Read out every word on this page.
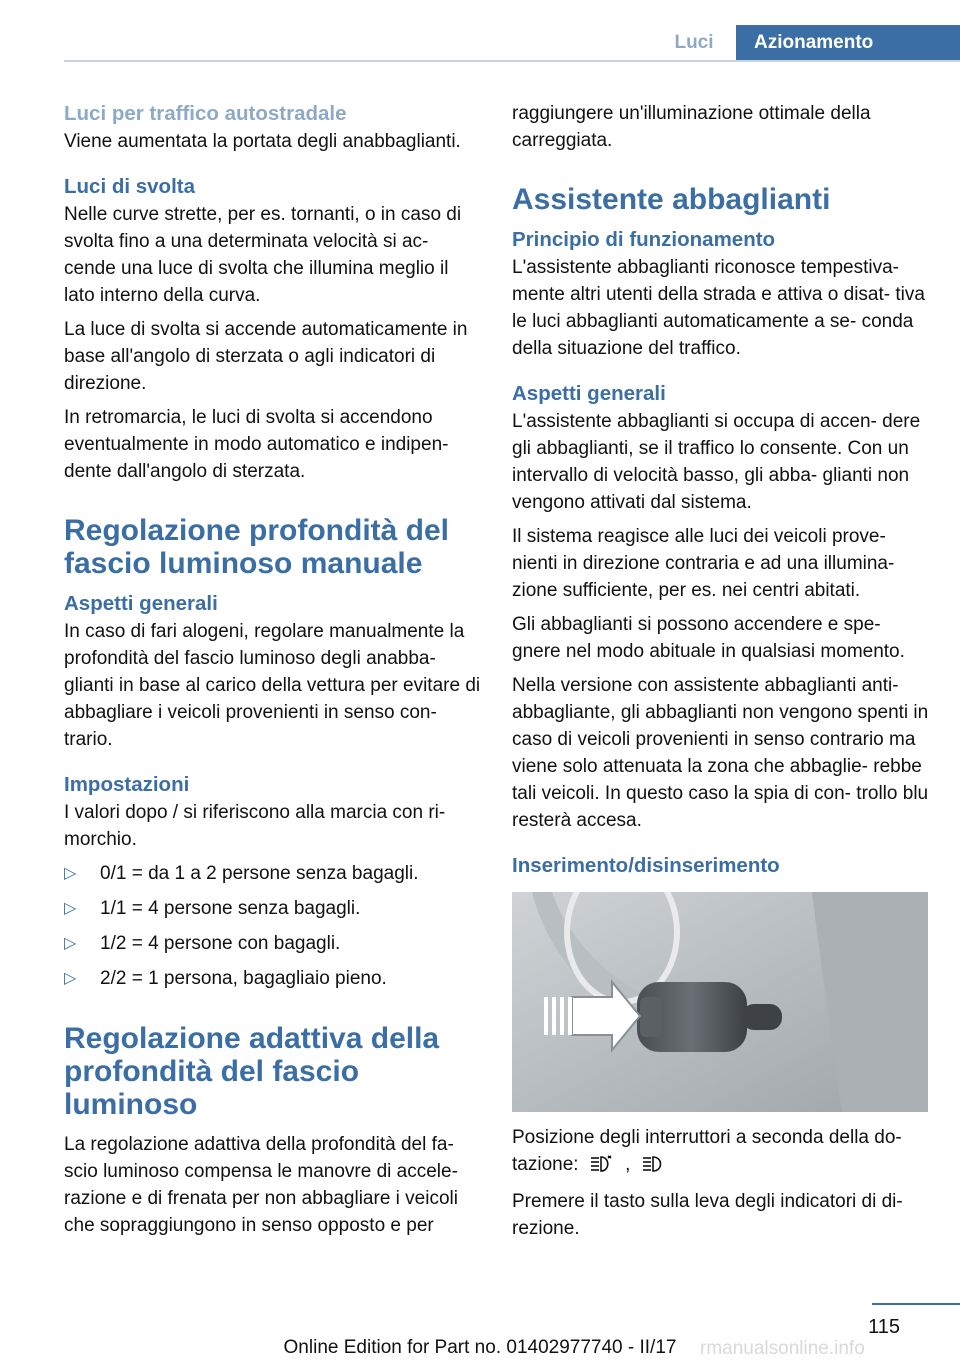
Luci	Azionamento
Luci per traffico autostradale

Viene aumentata la portata degli anabbaglianti.

Luci di svolta

Nelle curve strette, per es. tornanti, o in caso di svolta fino a una determinata velocità si ac‐ cende una luce di svolta che illumina meglio il lato interno della curva.

La luce di svolta si accende automaticamente in base all'angolo di sterzata o agli indicatori di direzione.

In retromarcia, le luci di svolta si accendono eventualmente in modo automatico e indipen‐ dente dall'angolo di sterzata.

Regolazione profondità del fascio luminoso manuale
Aspetti generali

In caso di fari alogeni, regolare manualmente la profondità del fascio luminoso degli anabba‐ glianti in base al carico della vettura per evitare di abbagliare i veicoli provenienti in senso con‐ trario.

Impostazioni

I valori dopo / si riferiscono alla marcia con ri‐ morchio.

▷ 0/1 = da 1 a 2 persone senza bagagli.
▷ 1/1 = 4 persone senza bagagli.
▷ 1/2 = 4 persone con bagagli.
▷ 2/2 = 1 persona, bagagliaio pieno.
Regolazione adattiva della profondità del fascio luminoso

La regolazione adattiva della profondità del fa‐ scio luminoso compensa le manovre di accele‐ razione e di frenata per non abbagliare i veicoli che sopraggiungono in senso opposto e per

raggiungere un'illuminazione ottimale della carreggiata.

Assistente abbaglianti
Principio di funzionamento

L'assistente abbaglianti riconosce tempestiva‐ mente altri utenti della strada e attiva o disat‐ tiva le luci abbaglianti automaticamente a se‐ conda della situazione del traffico.

Aspetti generali

L'assistente abbaglianti si occupa di accen‐ dere gli abbaglianti, se il traffico lo consente. Con un intervallo di velocità basso, gli abba‐ glianti non vengono attivati dal sistema.

Il sistema reagisce alle luci dei veicoli prove‐ nienti in direzione contraria e ad una illumina‐ zione sufficiente, per es. nei centri abitati.

Gli abbaglianti si possono accendere e spe‐ gnere nel modo abituale in qualsiasi momento.

Nella versione con assistente abbaglianti anti‐ abbagliante, gli abbaglianti non vengono spenti in caso di veicoli provenienti in senso contrario ma viene solo attenuata la zona che abbaglie‐ rebbe tali veicoli. In questo caso la spia di con‐ trollo blu resterà accesa.

Inserimento/disinserimento

Posizione degli interruttori a seconda della do‐ tazione: ,

Premere il tasto sulla leva degli indicatori di di‐ rezione.

115
Online Edition for Part no. 01402977740 - II/17	rmanualsonline.info
